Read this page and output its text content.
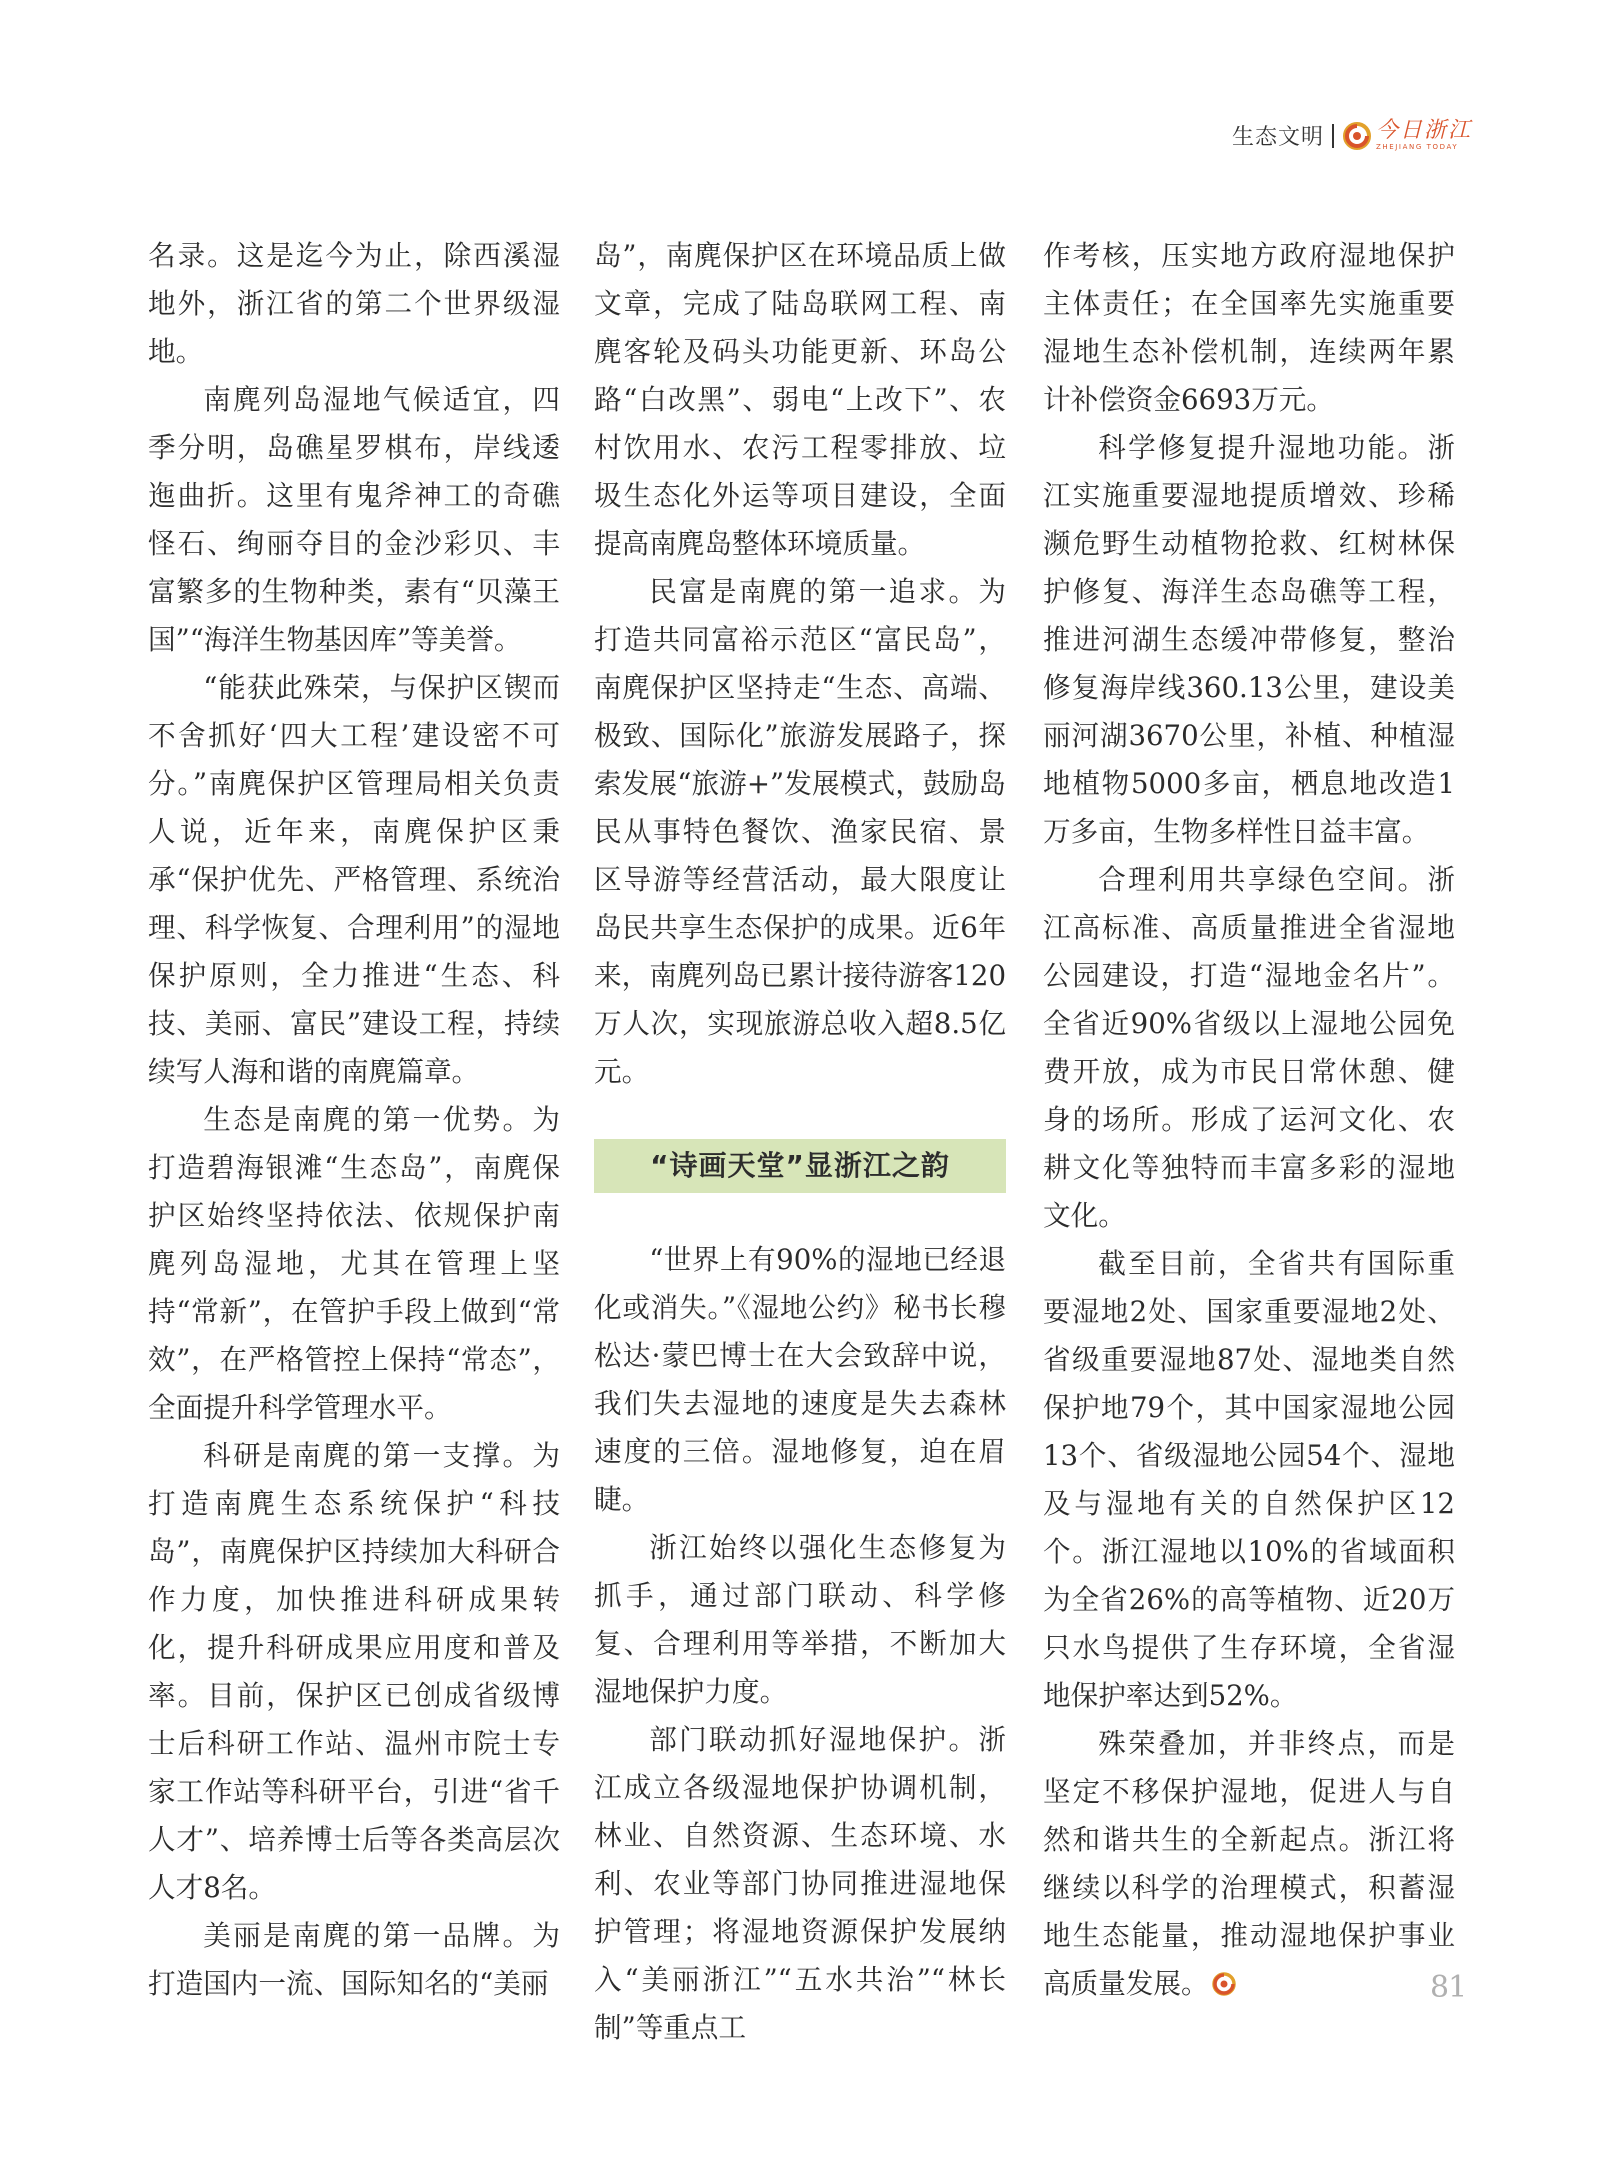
生态文明 今日浙江
ZHEJIANG TODAY

名录。这是迄今为止，除西溪湿地外，浙江省的第二个世界级湿地。

南麂列岛湿地气候适宜，四季分明，岛礁星罗棋布，岸线逶迤曲折。这里有鬼斧神工的奇礁怪石、绚丽夺目的金沙彩贝、丰富繁多的生物种类，素有“贝藻王国”“海洋生物基因库”等美誉。

“能获此殊荣，与保护区锲而不舍抓好‘四大工程’建设密不可分。”南麂保护区管理局相关负责人说，近年来，南麂保护区秉承“保护优先、严格管理、系统治理、科学恢复、合理利用”的湿地保护原则，全力推进“生态、科技、美丽、富民”建设工程，持续续写人海和谐的南麂篇章。

生态是南麂的第一优势。为打造碧海银滩“生态岛”，南麂保护区始终坚持依法、依规保护南麂列岛湿地，尤其在管理上坚持“常新”，在管护手段上做到“常效”，在严格管控上保持“常态”，全面提升科学管理水平。

科研是南麂的第一支撑。为打造南麂生态系统保护“科技岛”，南麂保护区持续加大科研合作力度，加快推进科研成果转化，提升科研成果应用度和普及率。目前，保护区已创成省级博士后科研工作站、温州市院士专家工作站等科研平台，引进“省千人才”、培养博士后等各类高层次人才8名。

美丽是南麂的第一品牌。为打造国内一流、国际知名的“美丽

岛”，南麂保护区在环境品质上做文章，完成了陆岛联网工程、南麂客轮及码头功能更新、环岛公路“白改黑”、弱电“上改下”、农村饮用水、农污工程零排放、垃圾生态化外运等项目建设，全面提高南麂岛整体环境质量。

民富是南麂的第一追求。为打造共同富裕示范区“富民岛”，南麂保护区坚持走“生态、高端、极致、国际化”旅游发展路子，探索发展“旅游+”发展模式，鼓励岛民从事特色餐饮、渔家民宿、景区导游等经营活动，最大限度让岛民共享生态保护的成果。近6年来，南麂列岛已累计接待游客120万人次，实现旅游总收入超8.5亿元。

“诗画天堂”显浙江之韵

“世界上有90%的湿地已经退化或消失。”《湿地公约》秘书长穆松达·蒙巴博士在大会致辞中说，我们失去湿地的速度是失去森林速度的三倍。湿地修复，迫在眉睫。

浙江始终以强化生态修复为抓手，通过部门联动、科学修复、合理利用等举措，不断加大湿地保护力度。

部门联动抓好湿地保护。浙江成立各级湿地保护协调机制，林业、自然资源、生态环境、水利、农业等部门协同推进湿地保护管理；将湿地资源保护发展纳入“美丽浙江”“五水共治”“林长制”等重点工

作考核，压实地方政府湿地保护主体责任；在全国率先实施重要湿地生态补偿机制，连续两年累计补偿资金6693万元。

科学修复提升湿地功能。浙江实施重要湿地提质增效、珍稀濒危野生动植物抢救、红树林保护修复、海洋生态岛礁等工程，推进河湖生态缓冲带修复，整治修复海岸线360.13公里，建设美丽河湖3670公里，补植、种植湿地植物5000多亩，栖息地改造1万多亩，生物多样性日益丰富。

合理利用共享绿色空间。浙江高标准、高质量推进全省湿地公园建设，打造“湿地金名片”。全省近90%省级以上湿地公园免费开放，成为市民日常休憩、健身的场所。形成了运河文化、农耕文化等独特而丰富多彩的湿地文化。

截至目前，全省共有国际重要湿地2处、国家重要湿地2处、省级重要湿地87处、湿地类自然保护地79个，其中国家湿地公园13个、省级湿地公园54个、湿地及与湿地有关的自然保护区12个。浙江湿地以10%的省域面积为全省26%的高等植物、近20万只水鸟提供了生存环境，全省湿地保护率达到52%。

殊荣叠加，并非终点，而是坚定不移保护湿地，促进人与自然和谐共生的全新起点。浙江将继续以科学的治理模式，积蓄湿地生态能量，推动湿地保护事业高质量发展。	81
